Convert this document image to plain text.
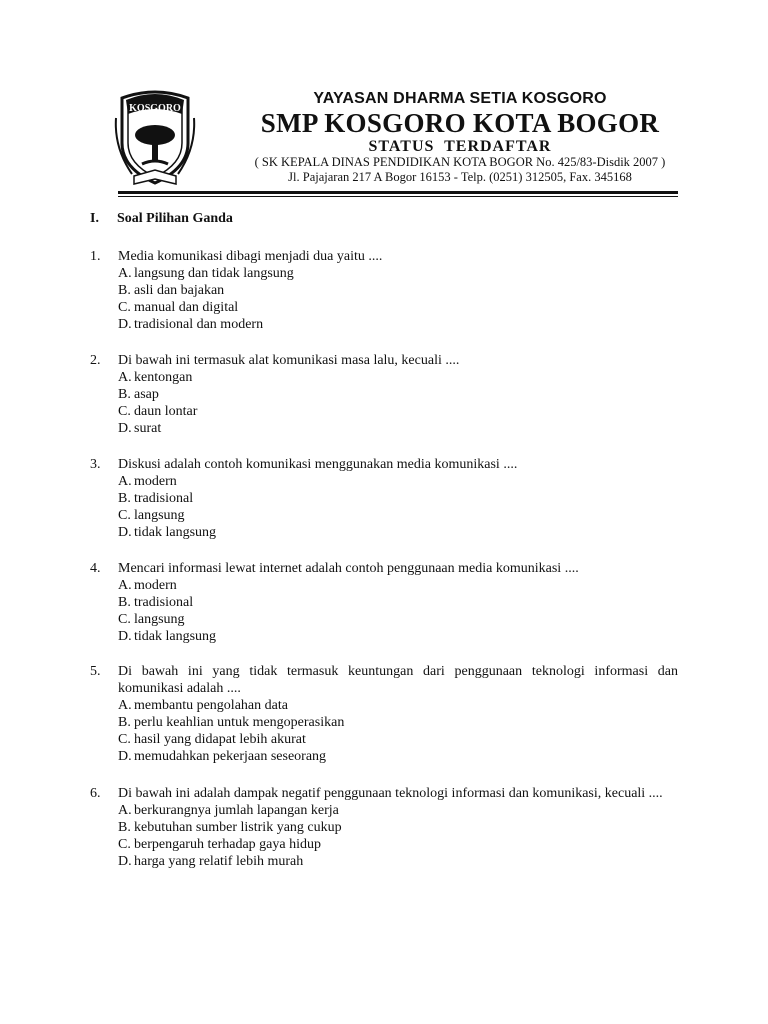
KOSGORO
YAYASAN DHARMA SETIA KOSGORO
SMP KOSGORO KOTA BOGOR
STATUS  TERDAFTAR
( SK KEPALA DINAS PENDIDIKAN KOTA BOGOR No. 425/83-Disdik 2007 )
Jl. Pajajaran 217 A Bogor 16153 - Telp. (0251) 312505, Fax. 345168
I. Soal Pilihan Ganda
1.	Media komunikasi dibagi menjadi dua yaitu ....
A. langsung dan tidak langsung
B. asli dan bajakan
C. manual dan digital
D. tradisional dan modern
2.	Di bawah ini termasuk alat komunikasi masa lalu, kecuali ....
A. kentongan
B. asap
C. daun lontar
D. surat
3.	Diskusi adalah contoh komunikasi menggunakan media komunikasi ....
A. modern
B. tradisional
C. langsung
D. tidak langsung
4.	Mencari informasi lewat internet adalah contoh penggunaan media komunikasi ....
A. modern
B. tradisional
C. langsung
D. tidak langsung
5.	Di bawah ini yang tidak termasuk keuntungan dari penggunaan teknologi informasi dan komunikasi adalah ....
A. membantu pengolahan data
B. perlu keahlian untuk mengoperasikan
C. hasil yang didapat lebih akurat
D. memudahkan pekerjaan seseorang
6.	Di bawah ini adalah dampak negatif penggunaan teknologi informasi dan komunikasi, kecuali ....
A. berkurangnya jumlah lapangan kerja
B. kebutuhan sumber listrik yang cukup
C. berpengaruh terhadap gaya hidup
D. harga yang relatif lebih murah
